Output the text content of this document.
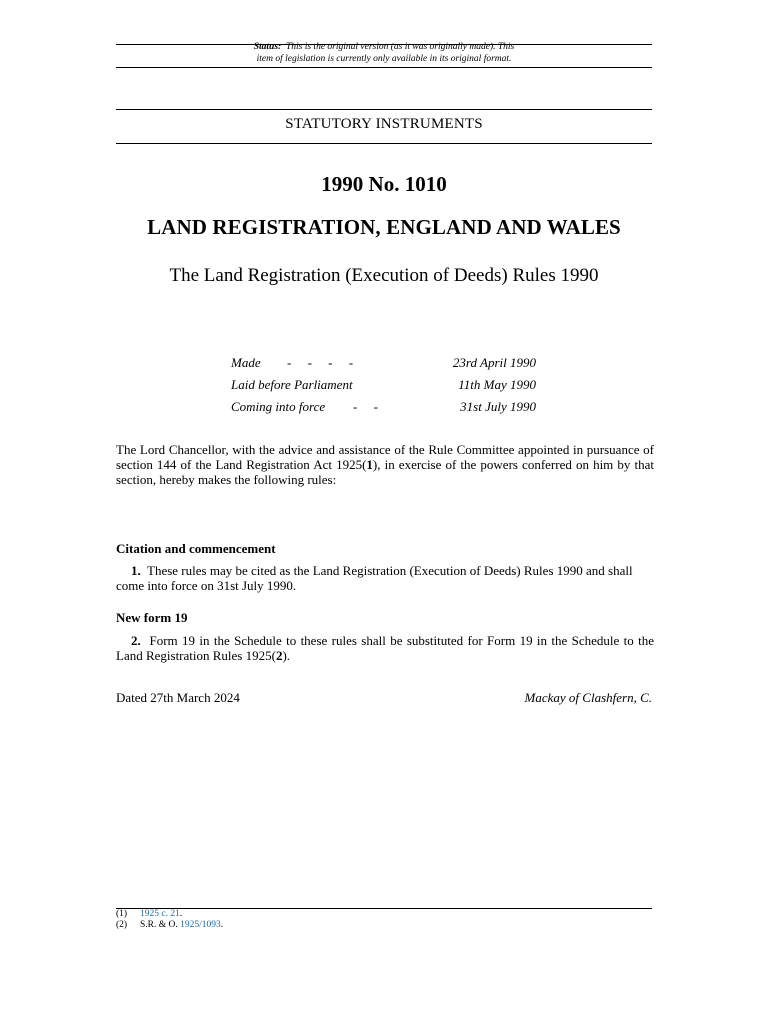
Status: This is the original version (as it was originally made). This
item of legislation is currently only available in its original format.
STATUTORY INSTRUMENTS
1990 No. 1010
LAND REGISTRATION, ENGLAND AND WALES
The Land Registration (Execution of Deeds) Rules 1990
Made -     -     -     -	23rd April 1990
Laid before Parliament	11th May 1990
Coming into force -     -	31st July 1990
The Lord Chancellor, with the advice and assistance of the Rule Committee appointed in pursuance of section 144 of the Land Registration Act 1925(1), in exercise of the powers conferred on him by that section, hereby makes the following rules:
Citation and commencement
1. These rules may be cited as the Land Registration (Execution of Deeds) Rules 1990 and shall come into force on 31st July 1990.
New form 19
2. Form 19 in the Schedule to these rules shall be substituted for Form 19 in the Schedule to the Land Registration Rules 1925(2).
Dated 27th March 2024	Mackay of Clashfern, C.
(1) 1925 c. 21.
(2) S.R. & O. 1925/1093.
